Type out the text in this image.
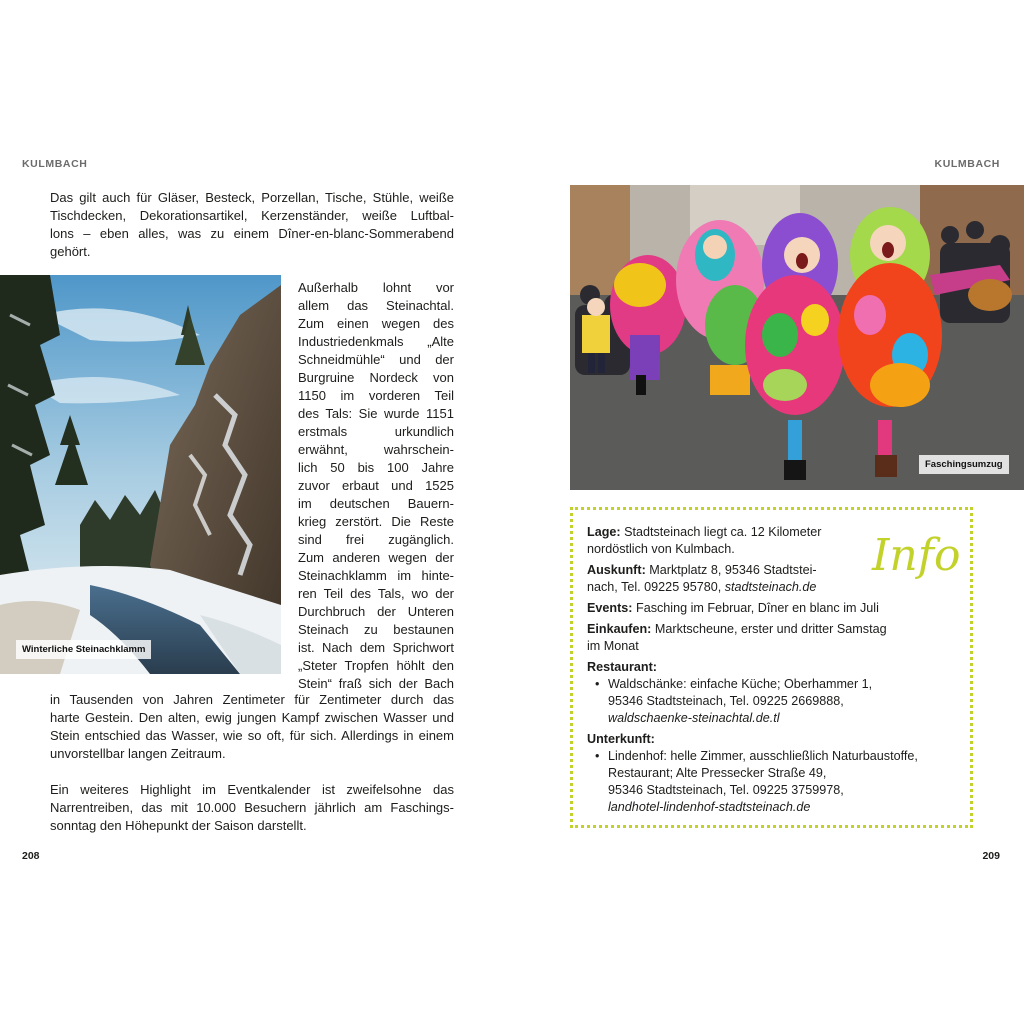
KULMBACH

Das gilt auch für Gläser, Besteck, Porzellan, Tische, Stühle, weiße

Tischdecken, Dekorationsartikel, Kerzenständer, weiße Luftbal-

lons – eben alles, was zu einem Dîner-en-blanc-Sommerabend

gehört.

Winterliche Steinachklamm

Außerhalb lohnt vor

allem das Steinachtal.

Zum einen wegen des

Industriedenkmals „Alte

Schneidmühle“ und der

Burgruine Nordeck von

1150 im vorderen Teil

des Tals: Sie wurde 1151

erstmals urkundlich

erwähnt, wahrschein-

lich 50 bis 100 Jahre

zuvor erbaut und 1525

im deutschen Bauern-

krieg zerstört. Die Reste

sind frei zugänglich.

Zum anderen wegen der

Steinachklamm im hinte-

ren Teil des Tals, wo der

Durchbruch der Unteren

Steinach zu bestaunen

ist. Nach dem Sprichwort

„Steter Tropfen höhlt den

Stein“ fraß sich der Bach

in Tausenden von Jahren Zentimeter für Zentimeter durch das

harte Gestein. Den alten, ewig jungen Kampf zwischen Wasser und

Stein entschied das Wasser, wie so oft, für sich. Allerdings in einem

unvorstellbar langen Zeitraum.

Ein weiteres Highlight im Eventkalender ist zweifelsohne das

Narrentreiben, das mit 10.000 Besuchern jährlich am Faschings-

sonntag den Höhepunkt der Saison darstellt.

208
KULMBACH
Faschingsumzug
Lage: Stadtsteinach liegt ca. 12 Kilometer
nordöstlich von Kulmbach.
Auskunft: Marktplatz 8, 95346 Stadtstei-
nach, Tel. 09225 95780, stadtsteinach.de
Events: Fasching im Februar, Dîner en blanc im Juli
Einkaufen: Marktscheune, erster und dritter Samstag
im Monat
Restaurant:
• Waldschänke: einfache Küche; Oberhammer 1,
95346 Stadtsteinach, Tel. 09225 2669888,
waldschaenke-steinachtal.de.tl
Unterkunft:
• Lindenhof: helle Zimmer, ausschließlich Naturbaustoffe,
Restaurant; Alte Pressecker Straße 49,
95346 Stadtsteinach, Tel. 09225 3759978,
landhotel-lindenhof-stadtsteinach.de
Info
209
